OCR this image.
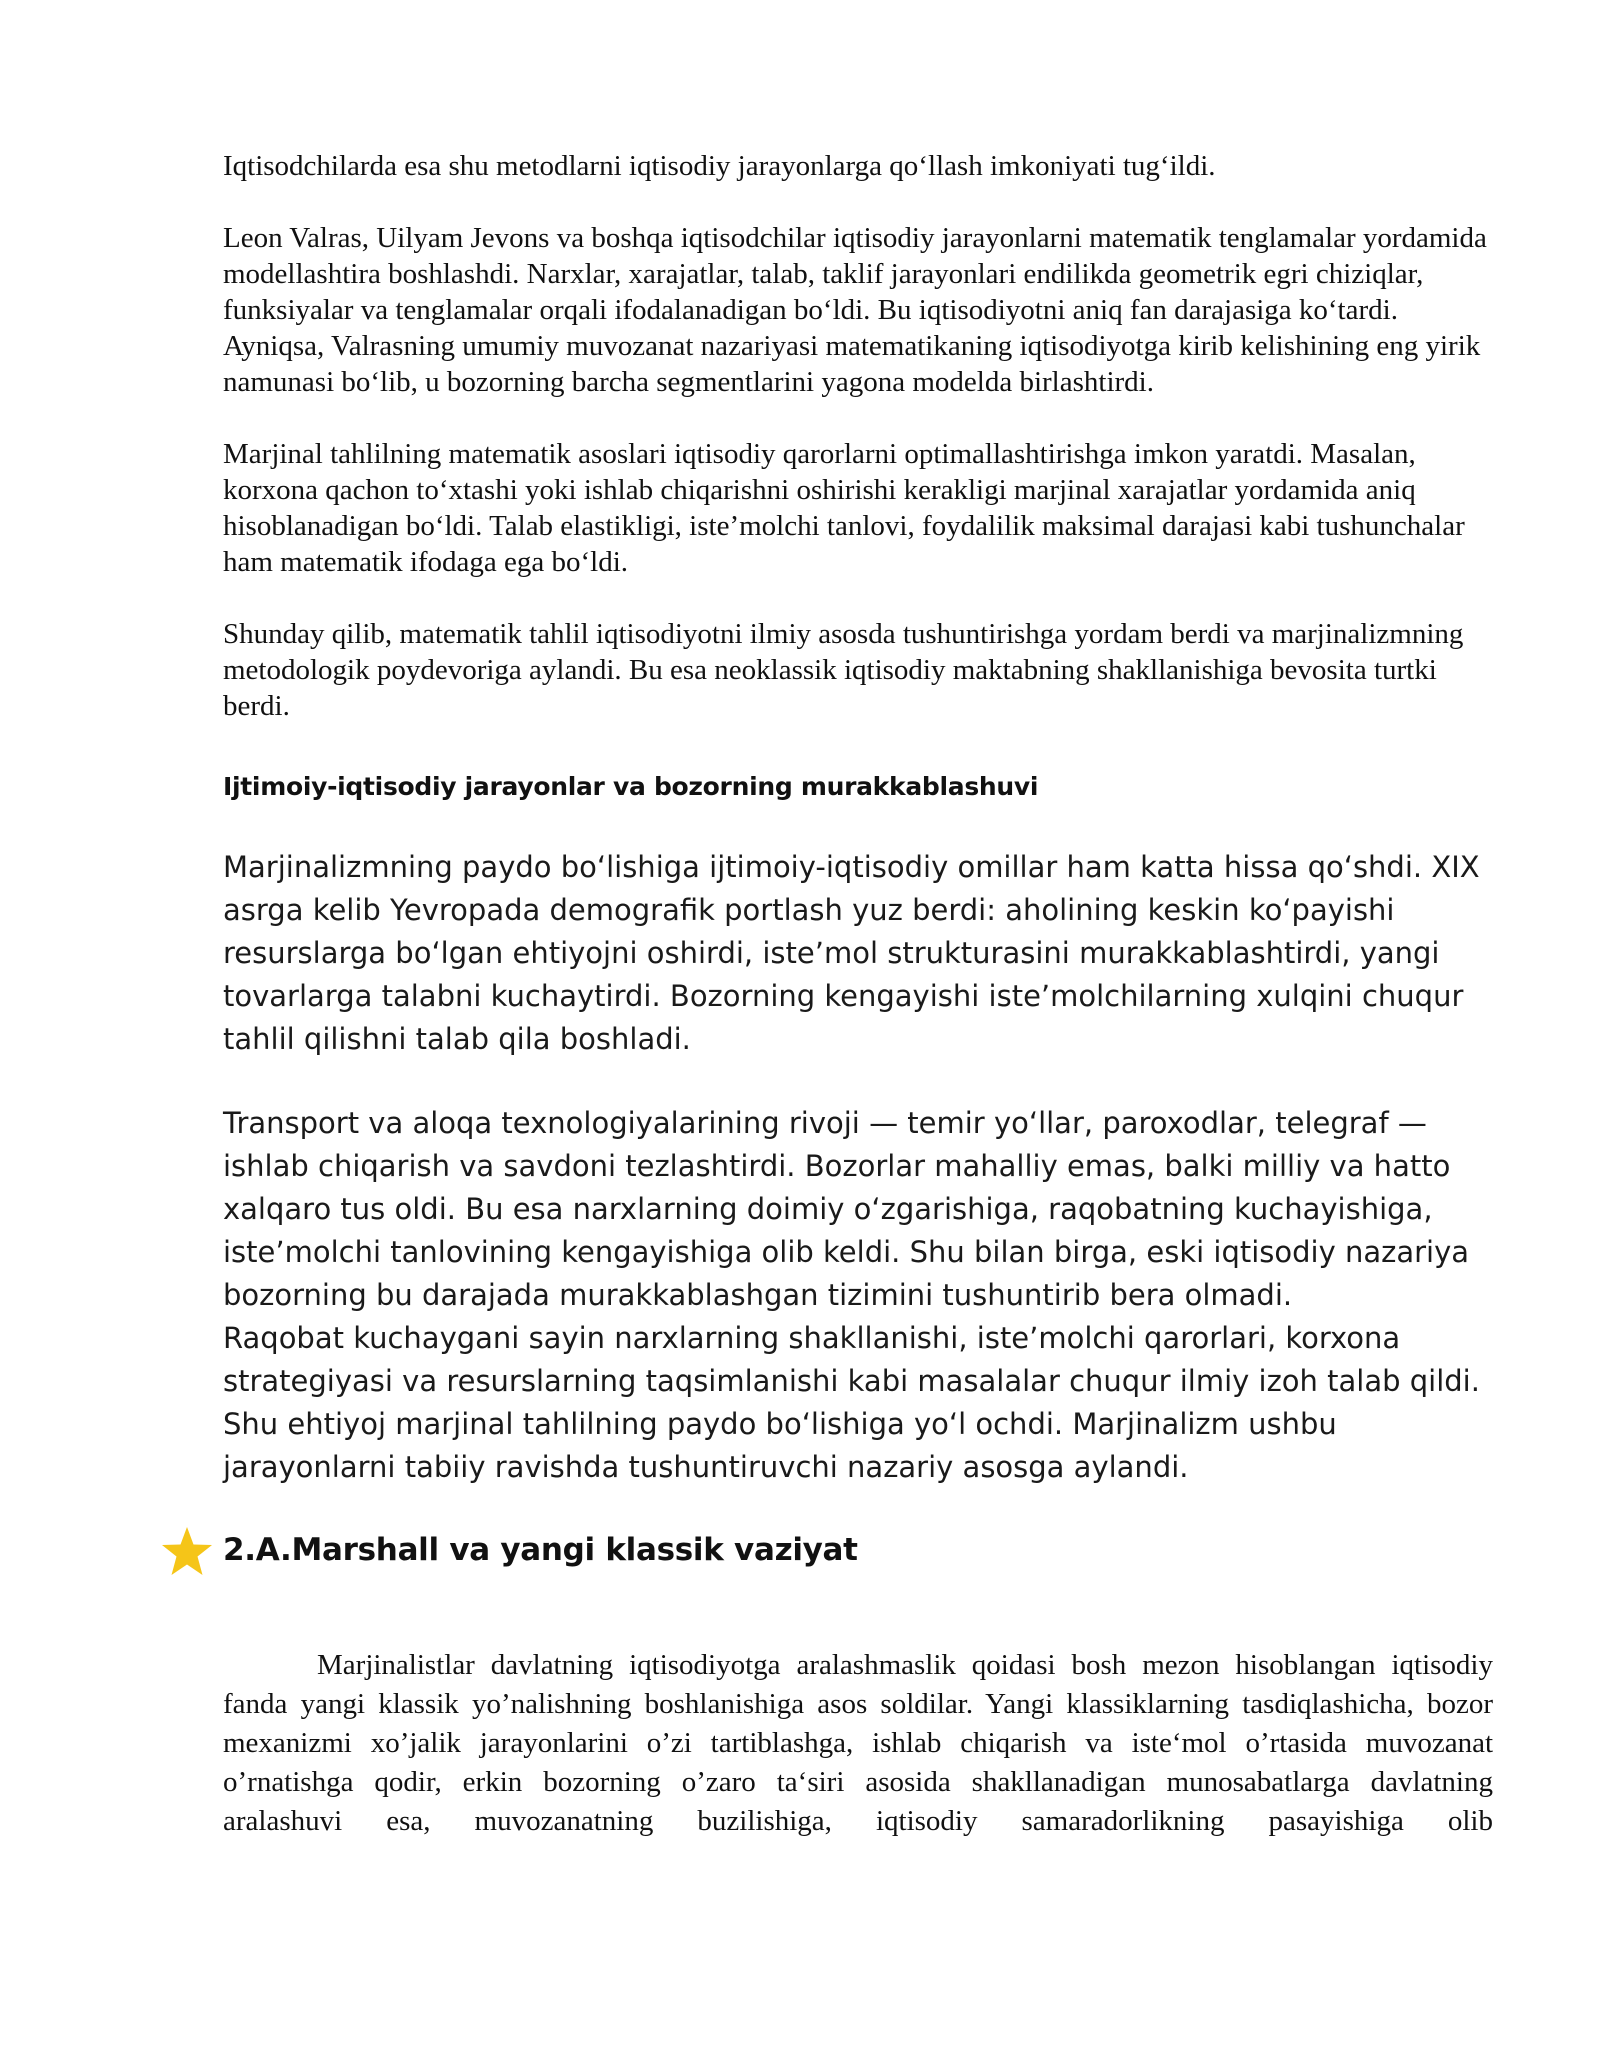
Iqtisodchilarda esa shu metodlarni iqtisodiy jarayonlarga qo‘llash imkoniyati tug‘ildi.

Leon Valras, Uilyam Jevons va boshqa iqtisodchilar iqtisodiy jarayonlarni matematik tenglamalar yordamida modellashtira boshlashdi. Narxlar, xarajatlar, talab, taklif jarayonlari endilikda geometrik egri chiziqlar, funksiyalar va tenglamalar orqali ifodalanadigan bo‘ldi. Bu iqtisodiyotni aniq fan darajasiga ko‘tardi. Ayniqsa, Valrasning umumiy muvozanat nazariyasi matematikaning iqtisodiyotga kirib kelishining eng yirik namunasi bo‘lib, u bozorning barcha segmentlarini yagona modelda birlashtirdi.

Marjinal tahlilning matematik asoslari iqtisodiy qarorlarni optimallashtirishga imkon yaratdi. Masalan, korxona qachon to‘xtashi yoki ishlab chiqarishni oshirishi kerakligi marjinal xarajatlar yordamida aniq hisoblanadigan bo‘ldi. Talab elastikligi, iste’molchi tanlovi, foydalilik maksimal darajasi kabi tushunchalar ham matematik ifodaga ega bo‘ldi.

Shunday qilib, matematik tahlil iqtisodiyotni ilmiy asosda tushuntirishga yordam berdi va marjinalizmning metodologik poydevoriga aylandi. Bu esa neoklassik iqtisodiy maktabning shakllanishiga bevosita turtki berdi.

Ijtimoiy-iqtisodiy jarayonlar va bozorning murakkablashuvi

Marjinalizmning paydo bo‘lishiga ijtimoiy-iqtisodiy omillar ham katta hissa qo‘shdi. XIX asrga kelib Yevropada demografik portlash yuz berdi: aholining keskin ko‘payishi resurslarga bo‘lgan ehtiyojni oshirdi, iste’mol strukturasini murakkablashtirdi, yangi tovarlarga talabni kuchaytirdi. Bozorning kengayishi iste’molchilarning xulqini chuqur tahlil qilishni talab qila boshladi.

Transport va aloqa texnologiyalarining rivoji — temir yo‘llar, paroxodlar, telegraf — ishlab chiqarish va savdoni tezlashtirdi. Bozorlar mahalliy emas, balki milliy va hatto xalqaro tus oldi. Bu esa narxlarning doimiy o‘zgarishiga, raqobatning kuchayishiga, iste’molchi tanlovining kengayishiga olib keldi. Shu bilan birga, eski iqtisodiy nazariya bozorning bu darajada murakkablashgan tizimini tushuntirib bera olmadi.

Raqobat kuchaygani sayin narxlarning shakllanishi, iste’molchi qarorlari, korxona strategiyasi va resurslarning taqsimlanishi kabi masalalar chuqur ilmiy izoh talab qildi. Shu ehtiyoj marjinal tahlilning paydo bo‘lishiga yo‘l ochdi. Marjinalizm ushbu jarayonlarni tabiiy ravishda tushuntiruvchi nazariy asosga aylandi.

2.A.Marshall va yangi klassik vaziyat

Marjinalistlar davlatning iqtisodiyotga aralashmaslik qoidasi bosh mezon hisoblangan iqtisodiy fanda yangi klassik yo’nalishning boshlanishiga asos soldilar. Yangi klassiklarning tasdiqlashicha, bozor mexanizmi xo’jalik jarayonlarini o’zi tartiblashga, ishlab chiqarish va iste‘mol o’rtasida muvozanat o’rnatishga qodir, erkin bozorning o’zaro ta‘siri asosida shakllanadigan munosabatlarga davlatning aralashuvi esa, muvozanatning buzilishiga, iqtisodiy samaradorlikning pasayishiga olib
